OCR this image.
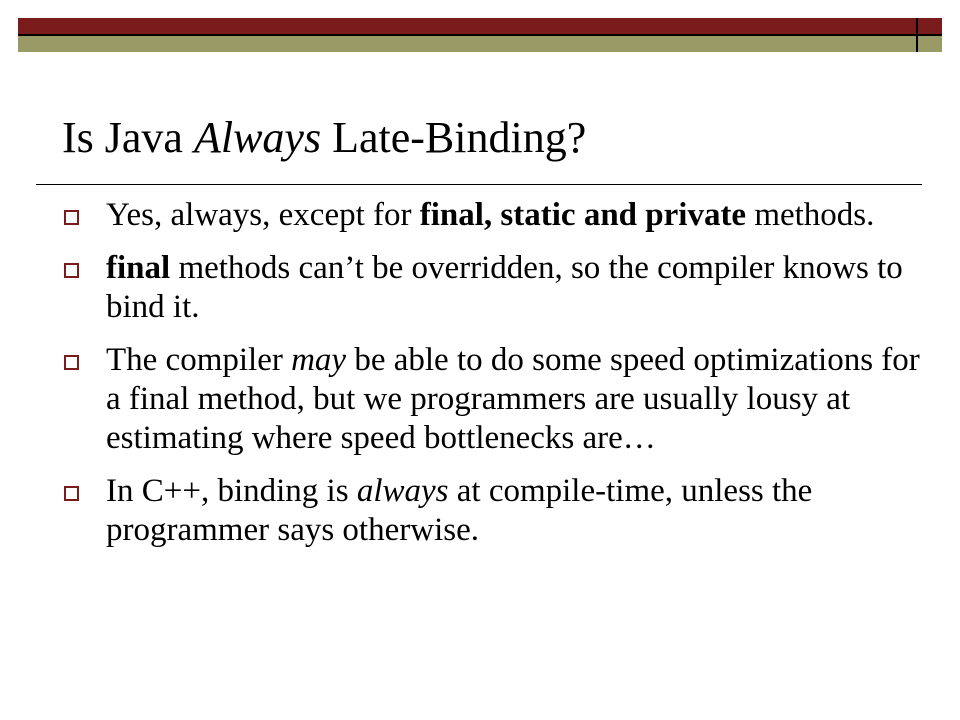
Is Java Always Late-Binding?
Yes, always, except for final, static and private methods.
final methods can’t be overridden, so the compiler knows to bind it.
The compiler may be able to do some speed optimizations for a final method, but we programmers are usually lousy at estimating where speed bottlenecks are…
In C++, binding is always at compile-time, unless the programmer says otherwise.
